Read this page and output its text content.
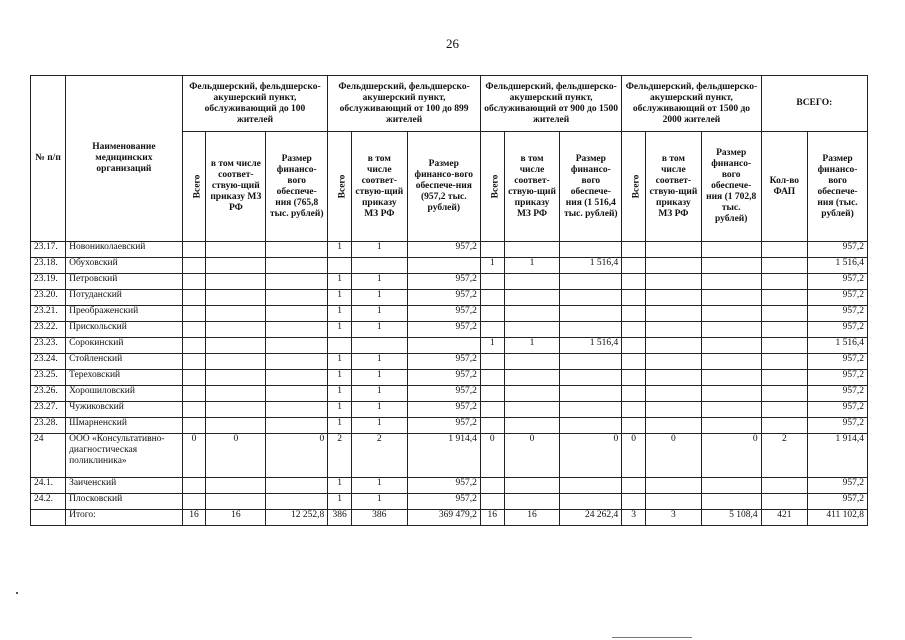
26
№ п/п	Наименование медицинских организаций	Фельдшерский, фельдшерско-акушерский пункт, обслуживающий до 100 жителей			Фельдшерский, фельдшерско-акушерский пункт, обслуживающий от 100 до 899 жителей			Фельдшерский, фельдшерско-акушерский пункт, обслуживающий от 900 до 1500 жителей			Фельдшерский, фельдшерско-акушерский пункт, обслуживающий от 1500 до 2000 жителей			ВСЕГО:	
		Всего	в том числе соответ-ствую-щий приказу МЗ РФ	Размер финансо-вого обеспече-ния (765,8 тыс. рублей)	Всего	в том числе соответ-ствую-щий приказу МЗ РФ	Размер финансо-вого обеспече-ния (957,2 тыс. рублей)	Всего	в том числе соответ-ствую-щий приказу МЗ РФ	Размер финансо-вого обеспече-ния (1 516,4 тыс. рублей)	Всего	в том числе соответ-ствую-щий приказу МЗ РФ	Размер финансо-вого обеспече-ния (1 702,8 тыс. рублей)	Кол-во ФАП	Размер финансо-вого обеспече-ния (тыс. рублей)
23.17.	Новониколаевский				1	1	957,2								957,2
23.18.	Обуховский							1	1	1 516,4					1 516,4
23.19.	Петровский				1	1	957,2								957,2
23.20.	Потуданский				1	1	957,2								957,2
23.21.	Преображенский				1	1	957,2								957,2
23.22.	Прискольский				1	1	957,2								957,2
23.23.	Сорокинский							1	1	1 516,4					1 516,4
23.24.	Стойленский				1	1	957,2								957,2
23.25.	Тереховский				1	1	957,2								957,2
23.26.	Хорошиловский				1	1	957,2								957,2
23.27.	Чужиковский				1	1	957,2								957,2
23.28.	Шмарненский				1	1	957,2								957,2
24	ООО «Консультативно-диагностическая поликлиника»	0	0	0	2	2	1 914,4	0	0	0	0	0	0	2	1 914,4
24.1.	Заиченский				1	1	957,2								957,2
24.2.	Плосковский				1	1	957,2								957,2
	Итого:	16	16	12 252,8	386	386	369 479,2	16	16	24 262,4	3	3	5 108,4	421	411 102,8
